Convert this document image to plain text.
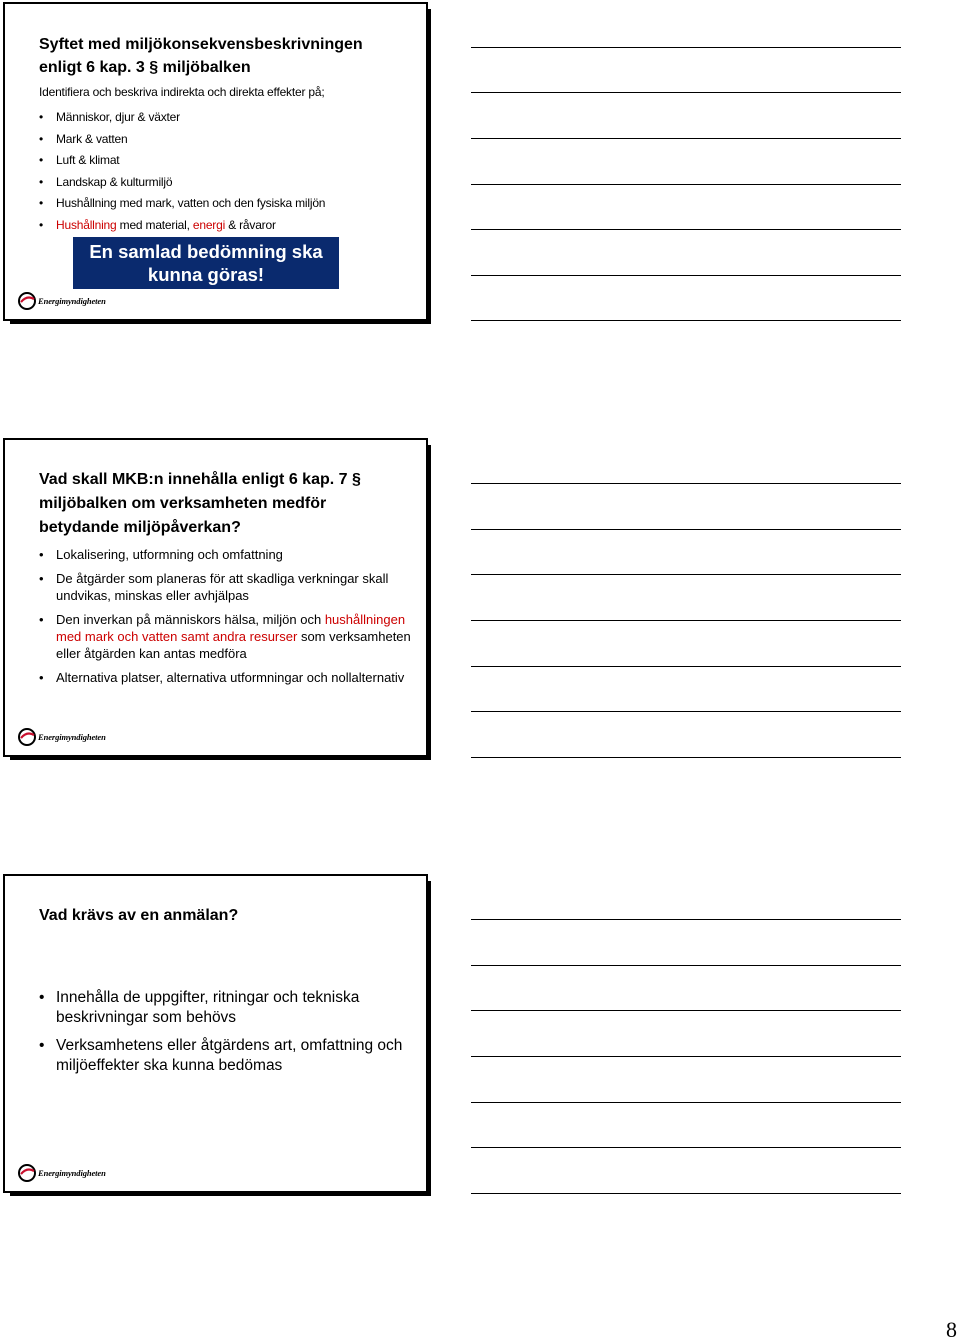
Syftet med miljökonsekvensbeskrivningen
enligt 6 kap. 3 § miljöbalken
Identifiera och beskriva indirekta och direkta effekter på;
• Människor, djur & växter
• Mark & vatten
• Luft & klimat
• Landskap & kulturmiljö
• Hushållning med mark, vatten och den fysiska miljön
• Hushållning med material, energi & råvaror
En samlad bedömning ska
kunna göras!
Energimyndigheten
Vad skall MKB:n innehålla enligt 6 kap. 7 §
miljöbalken om verksamheten medför
betydande miljöpåverkan?
• Lokalisering, utformning och omfattning
• De åtgärder som planeras för att skadliga verkningar skall undvikas, minskas eller avhjälpas
• Den inverkan på människors hälsa, miljön och hushållningen med mark och vatten samt andra resurser som verksamheten eller åtgärden kan antas medföra
• Alternativa platser, alternativa utformningar och nollalternativ
Energimyndigheten
Vad krävs av en anmälan?
• Innehålla de uppgifter, ritningar och tekniska beskrivningar som behövs
• Verksamhetens eller åtgärdens art, omfattning och miljöeffekter ska kunna bedömas
Energimyndigheten
8
